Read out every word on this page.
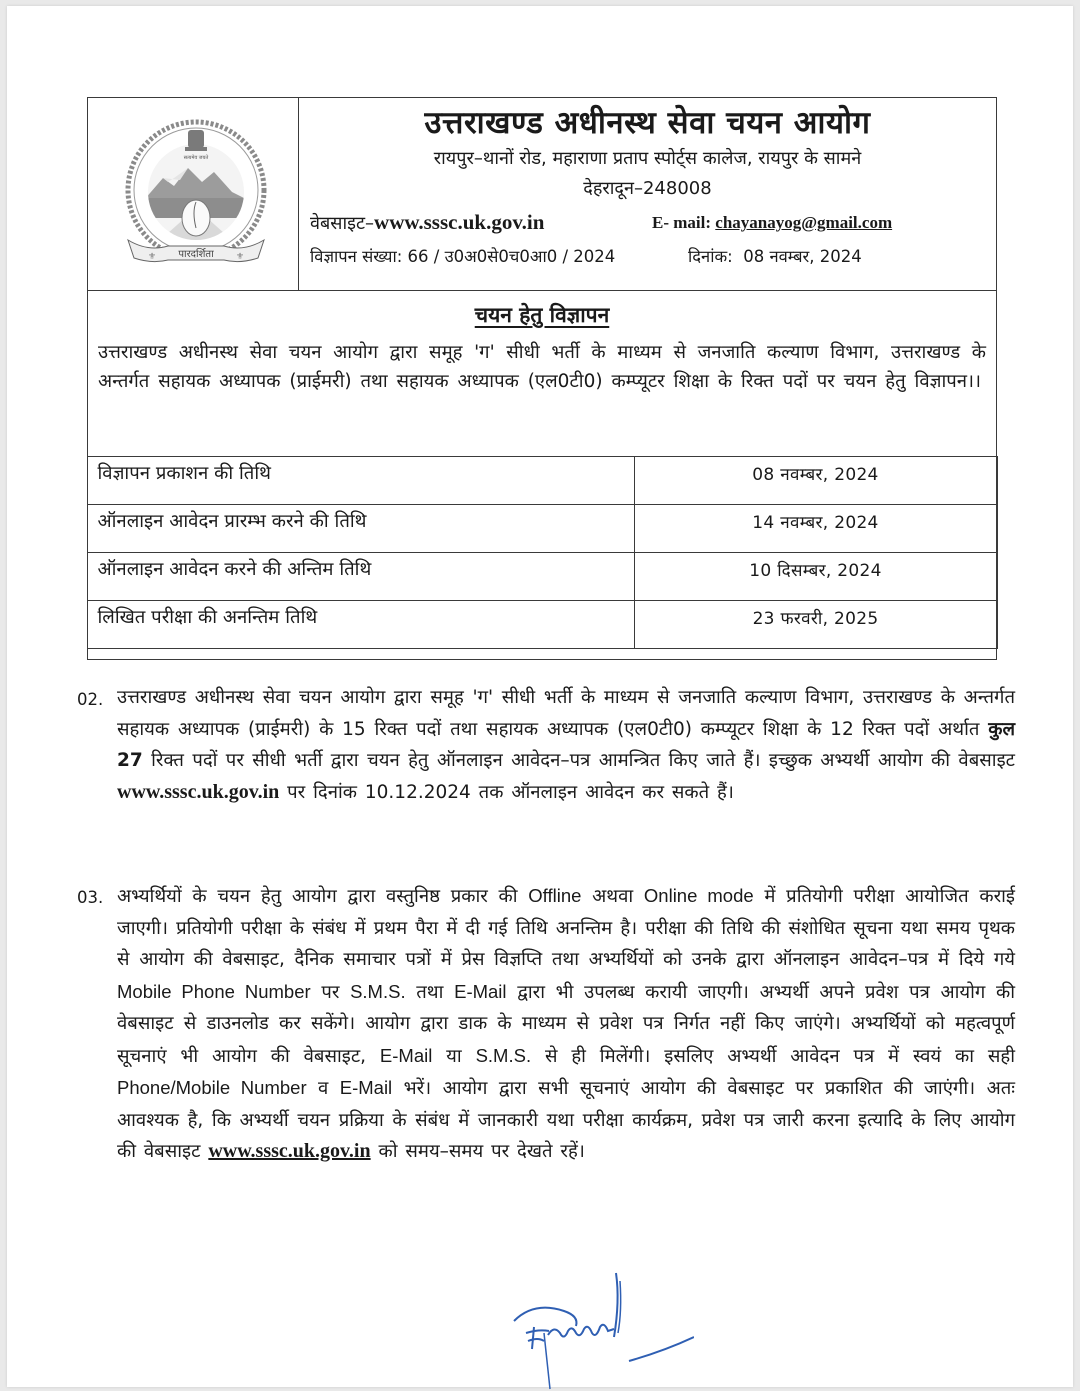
सत्यमेव जयते
पारदर्शिता
⚜	⚜
उत्तराखण्ड अधीनस्थ सेवा चयन आयोग
रायपुर–थानों रोड, महाराणा प्रताप स्पोर्ट्स कालेज, रायपुर के सामने
देहरादून–248008
वेबसाइट–www.sssc.uk.gov.in	E- mail: chayanayog@gmail.com
विज्ञापन संख्या: 66 / उ0अ0से0च0आ0 / 2024	दिनांक:  08 नवम्बर, 2024
चयन हेतु विज्ञापन
उत्तराखण्ड अधीनस्थ सेवा चयन आयोग द्वारा समूह 'ग' सीधी भर्ती के माध्यम से जनजाति कल्याण विभाग, उत्तराखण्ड के अन्तर्गत सहायक अध्यापक (प्राईमरी) तथा सहायक अध्यापक (एल0टी0) कम्प्यूटर शिक्षा के रिक्त पदों पर चयन हेतु विज्ञापन।।
विज्ञापन प्रकाशन की तिथि	08 नवम्बर, 2024
ऑनलाइन आवेदन प्रारम्भ करने की तिथि	14 नवम्बर, 2024
ऑनलाइन आवेदन करने की अन्तिम तिथि	10 दिसम्बर, 2024
लिखित परीक्षा की अनन्तिम तिथि	23 फरवरी, 2025
02. उत्तराखण्ड अधीनस्थ सेवा चयन आयोग द्वारा समूह 'ग' सीधी भर्ती के माध्यम से जनजाति कल्याण विभाग, उत्तराखण्ड के अन्तर्गत सहायक अध्यापक (प्राईमरी) के 15 रिक्त पदों तथा सहायक अध्यापक (एल0टी0) कम्प्यूटर शिक्षा के 12 रिक्त पदों अर्थात कुल 27 रिक्त पदों पर सीधी भर्ती द्वारा चयन हेतु ऑनलाइन आवेदन–पत्र आमन्त्रित किए जाते हैं। इच्छुक अभ्यर्थी आयोग की वेबसाइट www.sssc.uk.gov.in पर दिनांक 10.12.2024 तक ऑनलाइन आवेदन कर सकते हैं।
03. अभ्यर्थियों के चयन हेतु आयोग द्वारा वस्तुनिष्ठ प्रकार की Offline अथवा Online mode में प्रतियोगी परीक्षा आयोजित कराई जाएगी। प्रतियोगी परीक्षा के संबंध में प्रथम पैरा में दी गई तिथि अनन्तिम है। परीक्षा की तिथि की संशोधित सूचना यथा समय पृथक से आयोग की वेबसाइट, दैनिक समाचार पत्रों में प्रेस विज्ञप्ति तथा अभ्यर्थियों को उनके द्वारा ऑनलाइन आवेदन–पत्र में दिये गये Mobile Phone Number पर S.M.S. तथा E-Mail द्वारा भी उपलब्ध करायी जाएगी। अभ्यर्थी अपने प्रवेश पत्र आयोग की वेबसाइट से डाउनलोड कर सकेंगे। आयोग द्वारा डाक के माध्यम से प्रवेश पत्र निर्गत नहीं किए जाएंगे। अभ्यर्थियों को महत्वपूर्ण सूचनाएं भी आयोग की वेबसाइट, E-Mail या S.M.S. से ही मिलेंगी। इसलिए अभ्यर्थी आवेदन पत्र में स्वयं का सही Phone/Mobile Number व E-Mail भरें। आयोग द्वारा सभी सूचनाएं आयोग की वेबसाइट पर प्रकाशित की जाएंगी। अतः आवश्यक है, कि अभ्यर्थी चयन प्रक्रिया के संबंध में जानकारी यथा परीक्षा कार्यक्रम, प्रवेश पत्र जारी करना इत्यादि के लिए आयोग की वेबसाइट www.sssc.uk.gov.in को समय–समय पर देखते रहें।
